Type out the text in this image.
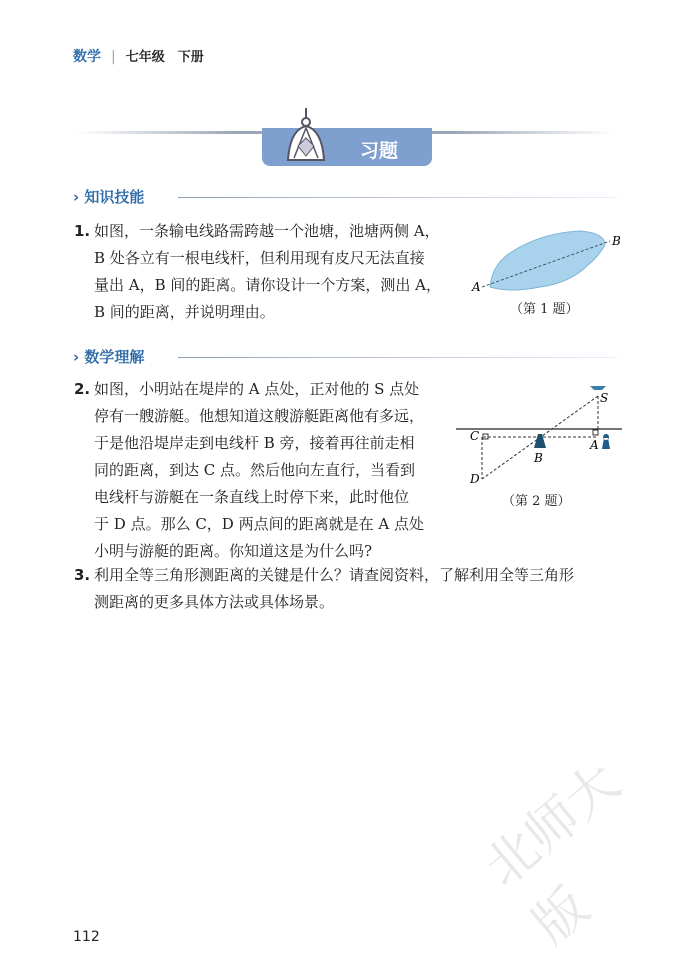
数学 | 七年级　下册
习题 4.4
› 知识技能
1. 如图，一条输电线路需跨越一个池塘，池塘两侧 A，
B 处各立有一根电线杆，但利用现有皮尺无法直接
量出 A，B 间的距离。请你设计一个方案，测出 A，
B 间的距离，并说明理由。
A
B
（第 1 题）
› 数学理解
2. 如图，小明站在堤岸的 A 点处，正对他的 S 点处
停有一艘游艇。他想知道这艘游艇距离他有多远，
于是他沿堤岸走到电线杆 B 旁，接着再往前走相
同的距离，到达 C 点。然后他向左直行，当看到
电线杆与游艇在一条直线上时停下来，此时他位
于 D 点。那么 C，D 两点间的距离就是在 A 点处
小明与游艇的距离。你知道这是为什么吗?
S
A
B
C
D
（第 2 题）
3. 利用全等三角形测距离的关键是什么？请查阅资料，了解利用全等三角形
测距离的更多具体方法或具体场景。
北师大版
112
